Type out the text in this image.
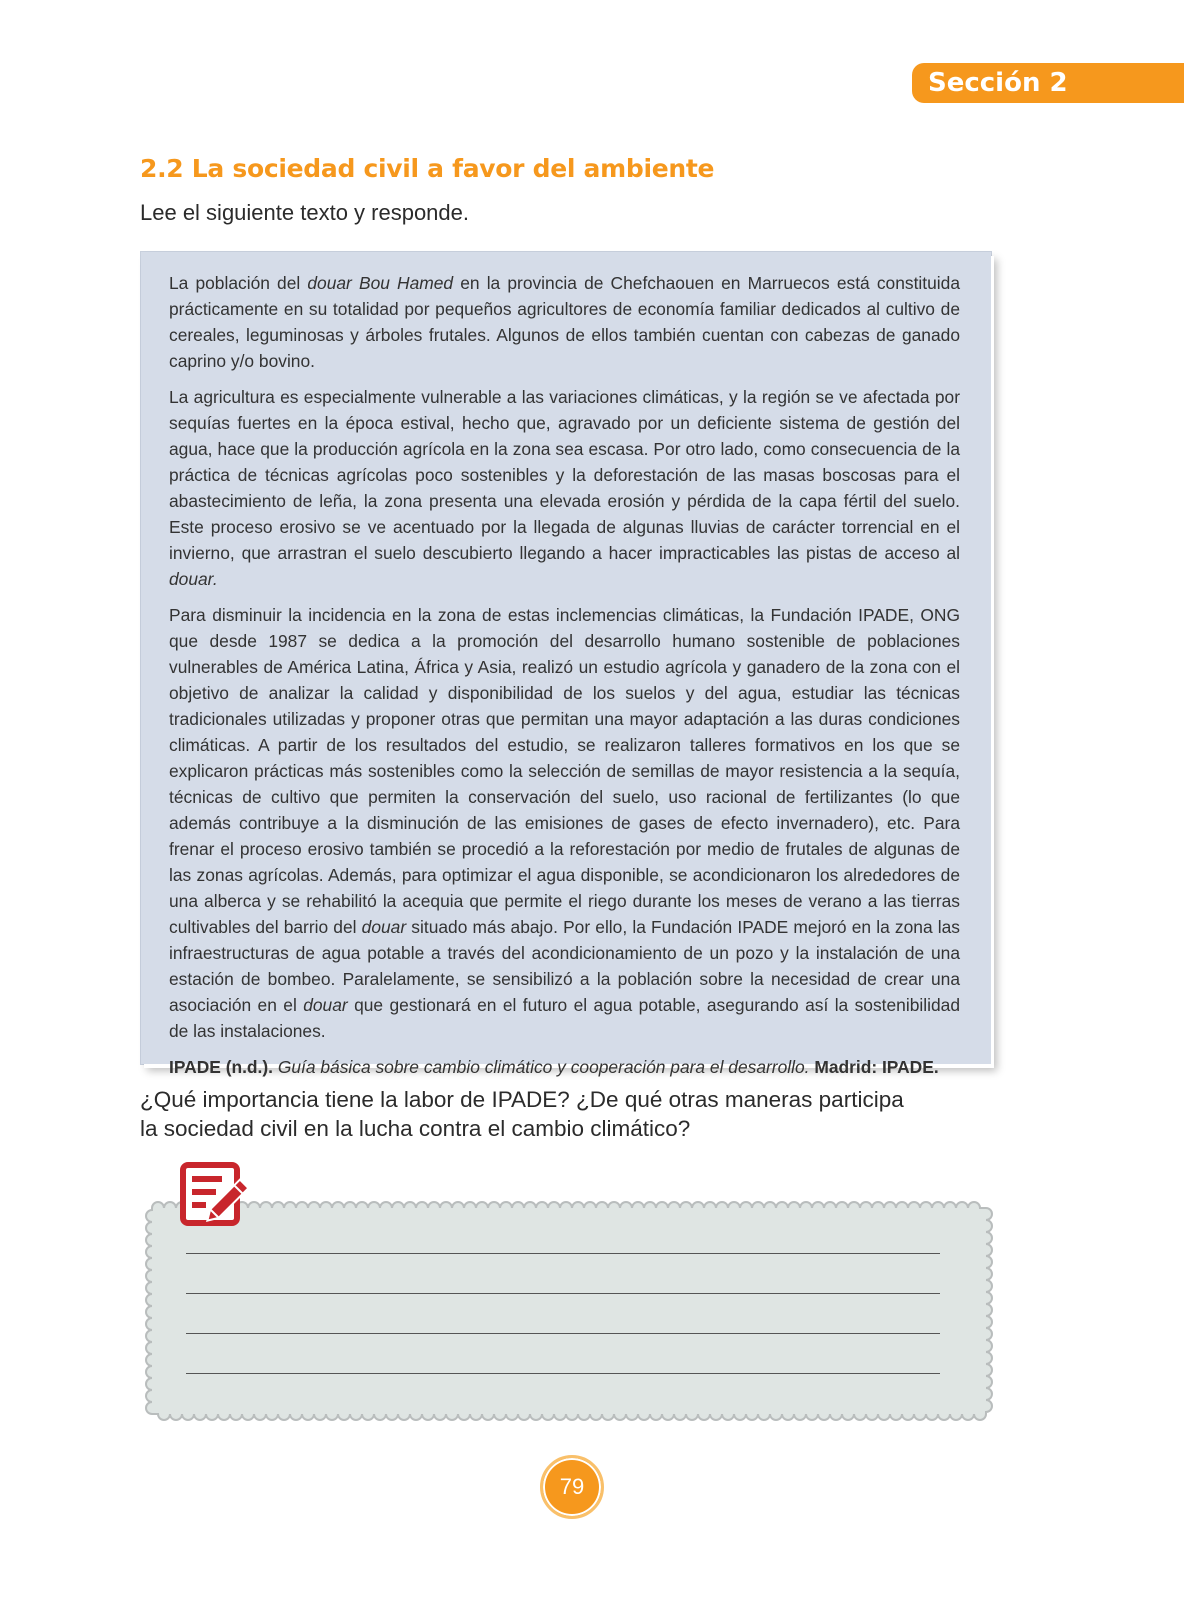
Sección 2
2.2 La sociedad civil a favor del ambiente

Lee el siguiente texto y responde.

La población del douar Bou Hamed en la provincia de Chefchaouen en Marruecos está constituida prácticamente en su totalidad por pequeños agricultores de economía familiar dedicados al cultivo de cereales, leguminosas y árboles frutales. Algunos de ellos también cuentan con cabezas de ganado caprino y/o bovino.

La agricultura es especialmente vulnerable a las variaciones climáticas, y la región se ve afectada por sequías fuertes en la época estival, hecho que, agravado por un deficiente sistema de gestión del agua, hace que la producción agrícola en la zona sea escasa. Por otro lado, como consecuencia de la práctica de técnicas agrícolas poco sostenibles y la deforestación de las masas boscosas para el abastecimiento de leña, la zona presenta una elevada erosión y pérdida de la capa fértil del suelo. Este proceso erosivo se ve acentuado por la llegada de algunas lluvias de carácter torrencial en el invierno, que arrastran el suelo descubierto llegando a hacer impracticables las pistas de acceso al douar.

Para disminuir la incidencia en la zona de estas inclemencias climáticas, la Fundación IPADE, ONG que desde 1987 se dedica a la promoción del desarrollo humano sostenible de poblaciones vulnerables de América Latina, África y Asia, realizó un estudio agrícola y ganadero de la zona con el objetivo de analizar la calidad y disponibilidad de los suelos y del agua, estudiar las técnicas tradicionales utilizadas y proponer otras que permitan una mayor adaptación a las duras condiciones climáticas. A partir de los resultados del estudio, se realizaron talleres formativos en los que se explicaron prácticas más sostenibles como la selección de semillas de mayor resistencia a la sequía, técnicas de cultivo que permiten la conservación del suelo, uso racional de fertilizantes (lo que además contribuye a la disminución de las emisiones de gases de efecto invernadero), etc. Para frenar el proceso erosivo también se procedió a la reforestación por medio de frutales de algunas de las zonas agrícolas. Además, para optimizar el agua disponible, se acondicionaron los alrededores de una alberca y se rehabilitó la acequia que permite el riego durante los meses de verano a las tierras cultivables del barrio del douar situado más abajo. Por ello, la Fundación IPADE mejoró en la zona las infraestructuras de agua potable a través del acondicionamiento de un pozo y la instalación de una estación de bombeo. Paralelamente, se sensibilizó a la población sobre la necesidad de crear una asociación en el douar que gestionará en el futuro el agua potable, asegurando así la sostenibilidad de las instalaciones.

IPADE (n.d.). Guía básica sobre cambio climático y cooperación para el desarrollo. Madrid: IPADE.

¿Qué importancia tiene la labor de IPADE? ¿De qué otras maneras participa la sociedad civil en la lucha contra el cambio climático?

79
